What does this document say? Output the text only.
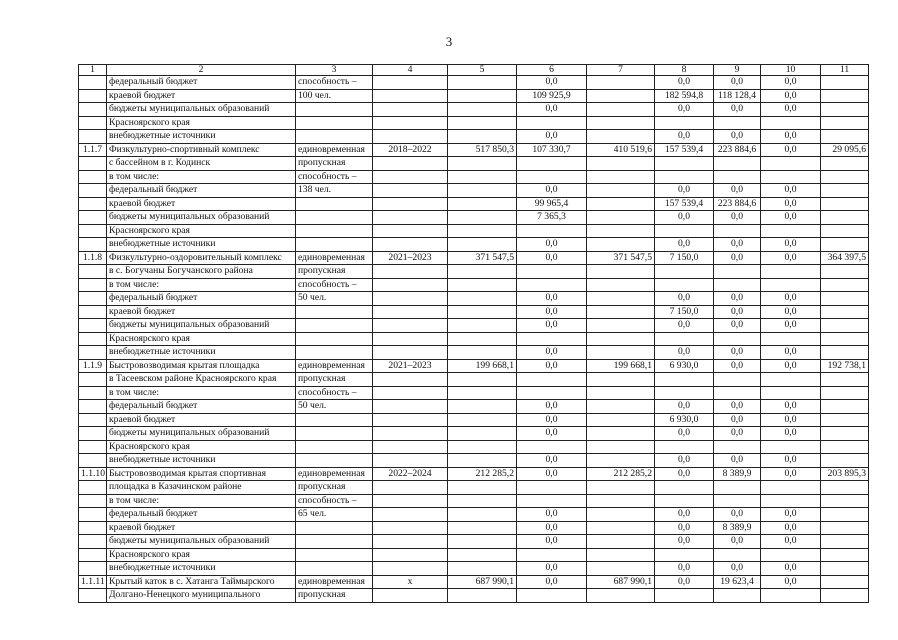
3
1	2	3	4	5	6	7	8	9	10	11
	федеральный бюджет	способность –			0,0		0,0	0,0	0,0	
	краевой бюджет	100 чел.			109 925,9		182 594,8	118 128,4	0,0	
	бюджеты муниципальных образований				0,0		0,0	0,0	0,0	
	Красноярского края									
	внебюджетные источники				0,0		0,0	0,0	0,0	
1.1.7	Физкультурно-спортивный комплекс	единовременная	2018–2022	517 850,3	107 330,7	410 519,6	157 539,4	223 884,6	0,0	29 095,6
	с бассейном в г. Кодинск	пропускная								
	в том числе:	способность –								
	федеральный бюджет	138 чел.			0,0		0,0	0,0	0,0	
	краевой бюджет				99 965,4		157 539,4	223 884,6	0,0	
	бюджеты муниципальных образований				7 365,3		0,0	0,0	0,0	
	Красноярского края									
	внебюджетные источники				0,0		0,0	0,0	0,0	
1.1.8	Физкультурно-оздоровительный комплекс	единовременная	2021–2023	371 547,5	0,0	371 547,5	7 150,0	0,0	0,0	364 397,5
	в с. Богучаны Богучанского района	пропускная								
	в том числе:	способность –								
	федеральный бюджет	50 чел.			0,0		0,0	0,0	0,0	
	краевой бюджет				0,0		7 150,0	0,0	0,0	
	бюджеты муниципальных образований				0,0		0,0	0,0	0,0	
	Красноярского края									
	внебюджетные источники				0,0		0,0	0,0	0,0	
1.1.9	Быстровозводимая крытая площадка	единовременная	2021–2023	199 668,1	0,0	199 668,1	6 930,0	0,0	0,0	192 738,1
	в Тасеевском районе Красноярского края	пропускная								
	в том числе:	способность –								
	федеральный бюджет	50 чел.			0,0		0,0	0,0	0,0	
	краевой бюджет				0,0		6 930,0	0,0	0,0	
	бюджеты муниципальных образований				0,0		0,0	0,0	0,0	
	Красноярского края									
	внебюджетные источники				0,0		0,0	0,0	0,0	
1.1.10	Быстровозводимая крытая спортивная	единовременная	2022–2024	212 285,2	0,0	212 285,2	0,0	8 389,9	0,0	203 895,3
	площадка в Казачинском районе	пропускная								
	в том числе:	способность –								
	федеральный бюджет	65 чел.			0,0		0,0	0,0	0,0	
	краевой бюджет				0,0		0,0	8 389,9	0,0	
	бюджеты муниципальных образований				0,0		0,0	0,0	0,0	
	Красноярского края									
	внебюджетные источники				0,0		0,0	0,0	0,0	
1.1.11	Крытый каток в с. Хатанга Таймырского	единовременная	х	687 990,1	0,0	687 990,1	0,0	19 623,4	0,0	
	Долгано-Ненецкого муниципального	пропускная								
